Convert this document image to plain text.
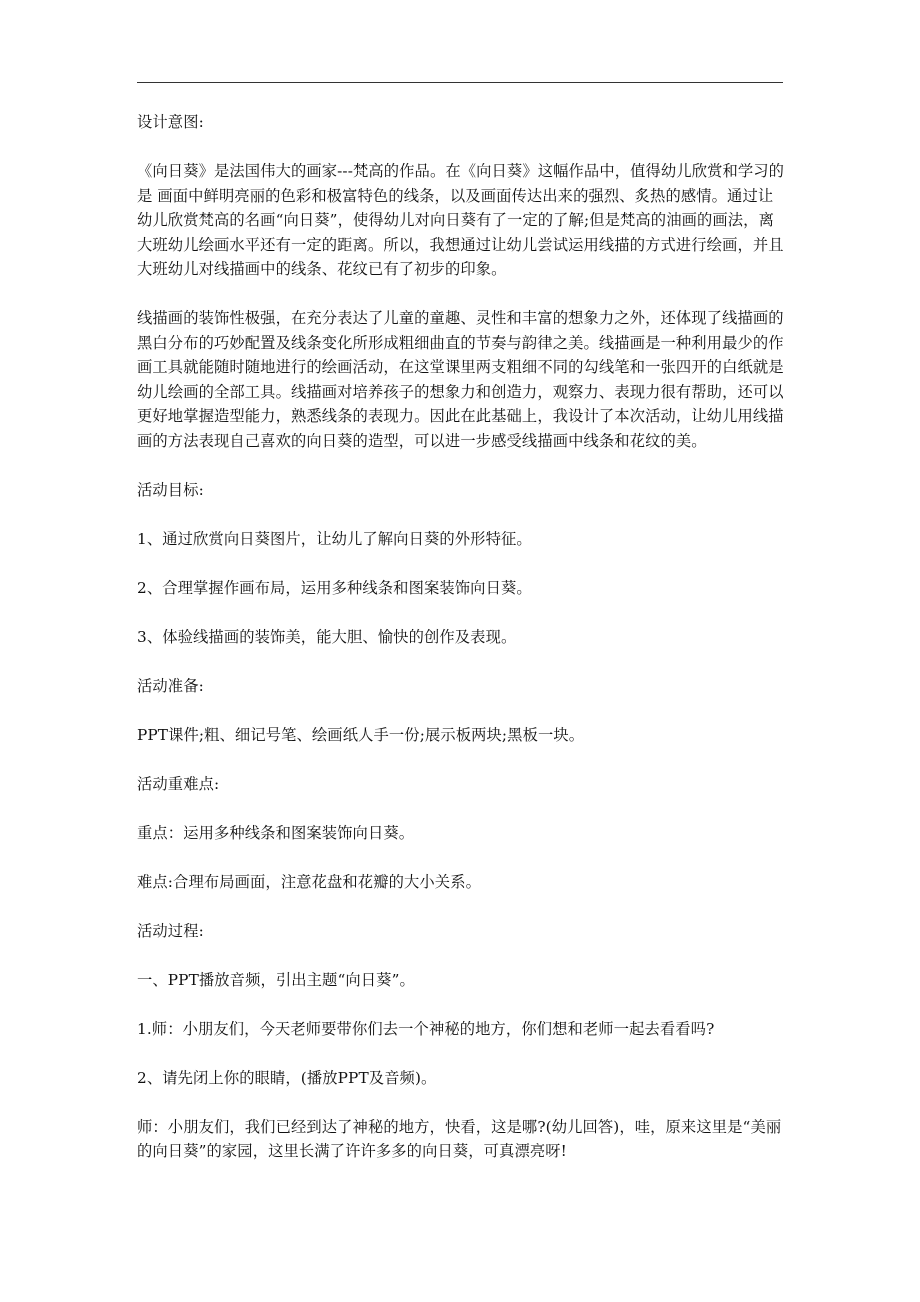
设计意图:

《向日葵》是法国伟大的画家---梵高的作品。在《向日葵》这幅作品中，值得幼儿欣赏和学习的是 画面中鲜明亮丽的色彩和极富特色的线条，以及画面传达出来的强烈、炙热的感情。通过让幼儿欣赏梵高的名画“向日葵”，使得幼儿对向日葵有了一定的了解;但是梵高的油画的画法，离大班幼儿绘画水平还有一定的距离。所以，我想通过让幼儿尝试运用线描的方式进行绘画，并且大班幼儿对线描画中的线条、花纹已有了初步的印象。

线描画的装饰性极强，在充分表达了儿童的童趣、灵性和丰富的想象力之外，还体现了线描画的黑白分布的巧妙配置及线条变化所形成粗细曲直的节奏与韵律之美。线描画是一种利用最少的作画工具就能随时随地进行的绘画活动，在这堂课里两支粗细不同的勾线笔和一张四开的白纸就是幼儿绘画的全部工具。线描画对培养孩子的想象力和创造力，观察力、表现力很有帮助，还可以更好地掌握造型能力，熟悉线条的表现力。因此在此基础上，我设计了本次活动，让幼儿用线描画的方法表现自己喜欢的向日葵的造型，可以进一步感受线描画中线条和花纹的美。

活动目标:

1、通过欣赏向日葵图片，让幼儿了解向日葵的外形特征。

2、合理掌握作画布局，运用多种线条和图案装饰向日葵。

3、体验线描画的装饰美，能大胆、愉快的创作及表现。

活动准备:

PPT课件;粗、细记号笔、绘画纸人手一份;展示板两块;黑板一块。

活动重难点:

重点：运用多种线条和图案装饰向日葵。

难点:合理布局画面，注意花盘和花瓣的大小关系。

活动过程:

一、PPT播放音频，引出主题“向日葵”。

1.师：小朋友们，今天老师要带你们去一个神秘的地方，你们想和老师一起去看看吗?

2、请先闭上你的眼睛，(播放PPT及音频)。

师：小朋友们，我们已经到达了神秘的地方，快看，这是哪?(幼儿回答)，哇，原来这里是“美丽的向日葵”的家园，这里长满了许许多多的向日葵，可真漂亮呀!
